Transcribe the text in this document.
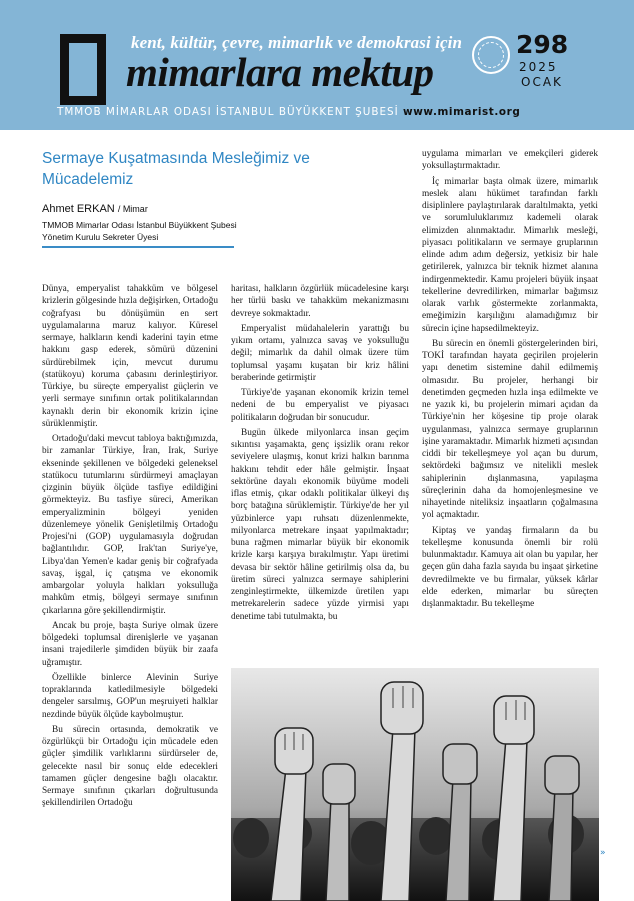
kent, kültür, çevre, mimarlık ve demokrasi için
mimarlara mektup
298
2025
OCAK
TMMOB MİMARLAR ODASI İSTANBUL BÜYÜKKENT ŞUBESİ www.mimarist.org
Sermaye Kuşatmasında Mesleğimiz ve Mücadelemiz
Ahmet ERKAN / Mimar
TMMOB Mimarlar Odası İstanbul Büyükkent Şubesi
Yönetim Kurulu Sekreter Üyesi

Dünya, emperyalist tahakküm ve bölgesel krizlerin gölgesinde hızla değişirken, Ortadoğu coğrafyası bu dönüşümün en sert uygulamalarına maruz kalıyor. Küresel sermaye, halkların kendi kaderini tayin etme hakkını gasp ederek, sömürü düzenini sürdürebilmek için, mevcut durumu (statükoyu) koruma çabasını derinleştiriyor. Türkiye, bu süreçte emperyalist güçlerin ve yerli sermaye sınıfının ortak politikalarından kaynaklı derin bir ekonomik krizin içine sürüklenmiştir.

Ortadoğu'daki mevcut tabloya baktığımızda, bir zamanlar Türkiye, İran, Irak, Suriye ekseninde şekillenen ve bölgedeki geleneksel statükocu tutumlarını sürdürmeyi amaçlayan çizginin büyük ölçüde tasfiye edildiğini görmekteyiz. Bu tasfiye süreci, Amerikan emperyalizminin bölgeyi yeniden düzenlemeye yönelik Genişletilmiş Ortadoğu Projesi'ni (GOP) uygulamasıyla doğrudan bağlantılıdır. GOP, Irak'tan Suriye'ye, Libya'dan Yemen'e kadar geniş bir coğrafyada savaş, işgal, iç çatışma ve ekonomik ambargolar yoluyla halkları yoksulluğa mahkûm etmiş, bölgeyi sermaye sınıfının çıkarlarına göre şekillendirmiştir.

Ancak bu proje, başta Suriye olmak üzere bölgedeki toplumsal direnişlerle ve yaşanan insani trajedilerle şimdiden büyük bir zaafa uğramıştır.

Özellikle binlerce Alevinin Suriye topraklarında katledilmesiyle bölgedeki dengeler sarsılmış, GOP'un meşruiyeti halklar nezdinde büyük ölçüde kaybolmuştur.

Bu sürecin ortasında, demokratik ve özgürlükçü bir Ortadoğu için mücadele eden güçler şimdilik varlıklarını sürdürseler de, gelecekte nasıl bir sonuç elde edecekleri tamamen güçler dengesine bağlı olacaktır. Sermaye sınıfının çıkarları doğrultusunda şekillendirilen Ortadoğu

haritası, halkların özgürlük mücadelesine karşı her türlü baskı ve tahakküm mekanizmasını devreye sokmaktadır.

Emperyalist müdahalelerin yarattığı bu yıkım ortamı, yalnızca savaş ve yoksulluğu değil; mimarlık da dahil olmak üzere tüm toplumsal yaşamı kuşatan bir kriz hâlini beraberinde getirmiştir

Türkiye'de yaşanan ekonomik krizin temel nedeni de bu emperyalist ve piyasacı politikaların doğrudan bir sonucudur.

Bugün ülkede milyonlarca insan geçim sıkıntısı yaşamakta, genç işsizlik oranı rekor seviyelere ulaşmış, konut krizi halkın barınma hakkını tehdit eder hâle gelmiştir. İnşaat sektörüne dayalı ekonomik büyüme modeli iflas etmiş, çıkar odaklı politikalar ülkeyi dış borç batağına sürüklemiştir. Türkiye'de her yıl yüzbinlerce yapı ruhsatı düzenlenmekte, milyonlarca metrekare inşaat yapılmaktadır; buna rağmen mimarlar büyük bir ekonomik krizle karşı karşıya bırakılmıştır. Yapı üretimi devasa bir sektör hâline getirilmiş olsa da, bu üretim süreci yalnızca sermaye sahiplerini zenginleştirmekte, ülkemizde üretilen yapı metrekarelerin sadece yüzde yirmisi yapı denetime tabi tutulmakta, bu

uygulama mimarları ve emekçileri giderek yoksullaştırmaktadır.

İç mimarlar başta olmak üzere, mimarlık meslek alanı hükümet tarafından farklı disiplinlere paylaştırılarak daraltılmakta, yetki ve sorumluluklarımız kademeli olarak elimizden alınmaktadır. Mimarlık mesleği, piyasacı politikaların ve sermaye gruplarının elinde adım adım değersiz, yetkisiz bir hale getirilerek, yalnızca bir teknik hizmet alanına indirgenmektedir. Kamu projeleri büyük inşaat tekellerine devredilirken, mimarlar bağımsız olarak varlık göstermekte zorlanmakta, emeğimizin karşılığını alamadığımız bir sürecin içine hapsedilmekteyiz.

Bu sürecin en önemli göstergelerinden biri, TOKİ tarafından hayata geçirilen projelerin yapı denetim sistemine dahil edilmemiş olmasıdır. Bu projeler, herhangi bir denetimden geçmeden hızla inşa edilmekte ve ne yazık ki, bu projelerin mimari açıdan da Türkiye'nin her köşesine tip proje olarak uygulanması, yalnızca sermaye gruplarının işine yaramaktadır. Mimarlık hizmeti açısından ciddi bir tekelleşmeye yol açan bu durum, sektördeki bağımsız ve nitelikli meslek sahiplerinin dışlanmasına, yapılaşma süreçlerinin daha da homojenleşmesine ve nihayetinde niteliksiz inşaatların çoğalmasına yol açmaktadır.

Kiptaş ve yandaş firmaların da bu tekelleşme konusunda önemli bir rolü bulunmaktadır. Kamuya ait olan bu yapılar, her geçen gün daha fazla sayıda bu inşaat şirketine devredilmekte ve bu firmalar, yüksek kârlar elde ederken, mimarlar bu süreçten dışlanmaktadır. Bu tekelleşme

»
